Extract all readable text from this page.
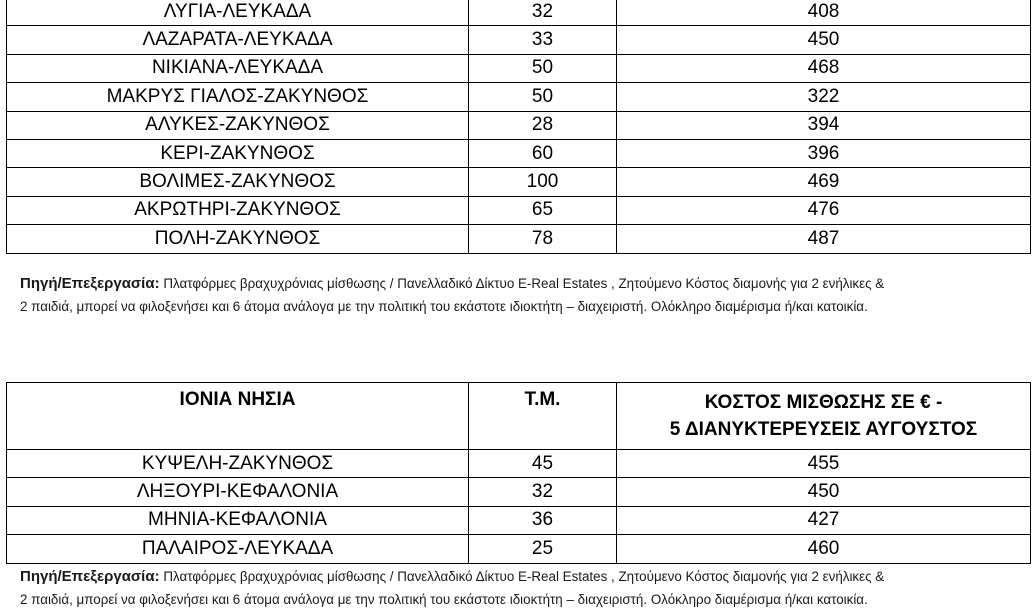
ΛΥΓΙΑ-ΛΕΥΚΑΔΑ	32	408
ΛΑΖΑΡΑΤΑ-ΛΕΥΚΑΔΑ	33	450
ΝΙΚΙΑΝΑ-ΛΕΥΚΑΔΑ	50	468
ΜΑΚΡΥΣ ΓΙΑΛΟΣ-ΖΑΚΥΝΘΟΣ	50	322
ΑΛΥΚΕΣ-ΖΑΚΥΝΘΟΣ	28	394
ΚΕΡΙ-ΖΑΚΥΝΘΟΣ	60	396
ΒΟΛΙΜΕΣ-ΖΑΚΥΝΘΟΣ	100	469
ΑΚΡΩΤΗΡΙ-ΖΑΚΥΝΘΟΣ	65	476
ΠΟΛΗ-ΖΑΚΥΝΘΟΣ	78	487
Πηγή/Επεξεργασία: Πλατφόρμες βραχυχρόνιας μίσθωσης / Πανελλαδικό Δίκτυο E-Real Estates , Ζητούμενο Κόστος διαμονής για 2 ενήλικες &
2 παιδιά, μπορεί να φιλοξενήσει και 6 άτομα ανάλογα με την πολιτική του εκάστοτε ιδιοκτήτη – διαχειριστή. Ολόκληρο διαμέρισμα ή/και κατοικία.
ΙΟΝΙΑ ΝΗΣΙΑ	Τ.Μ.	ΚΟΣΤΟΣ ΜΙΣΘΩΣΗΣ ΣΕ € -
5 ΔΙΑΝΥΚΤΕΡΕΥΣΕΙΣ ΑΥΓΟΥΣΤΟΣ
ΚΥΨΕΛΗ-ΖΑΚΥΝΘΟΣ	45	455
ΛΗΞΟΥΡΙ-ΚΕΦΑΛΟΝΙΑ	32	450
ΜΗΝΙΑ-ΚΕΦΑΛΟΝΙΑ	36	427
ΠΑΛΑΙΡΟΣ-ΛΕΥΚΑΔΑ	25	460
Πηγή/Επεξεργασία: Πλατφόρμες βραχυχρόνιας μίσθωσης / Πανελλαδικό Δίκτυο E-Real Estates , Ζητούμενο Κόστος διαμονής για 2 ενήλικες &
2 παιδιά, μπορεί να φιλοξενήσει και 6 άτομα ανάλογα με την πολιτική του εκάστοτε ιδιοκτήτη – διαχειριστή. Ολόκληρο διαμέρισμα ή/και κατοικία.
